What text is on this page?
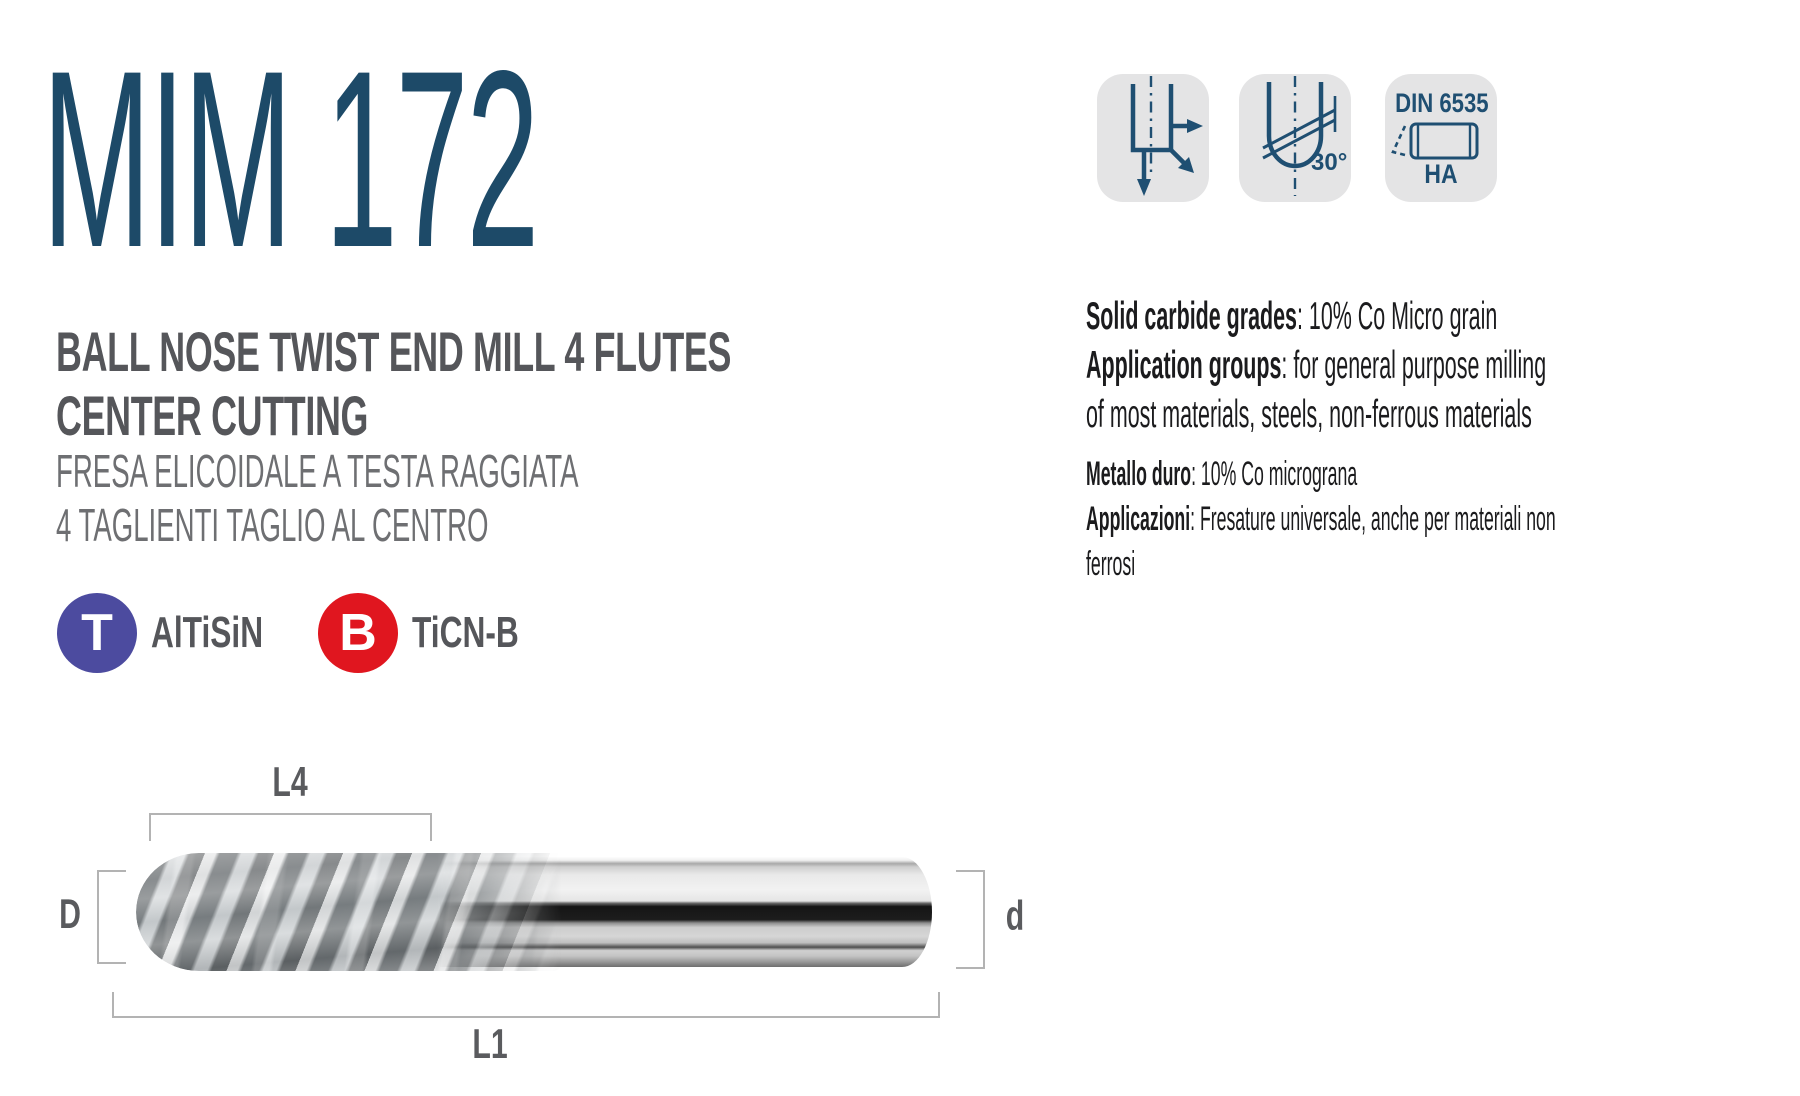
MIM 172
BALL NOSE TWIST END MILL 4 FLUTES
CENTER CUTTING
FRESA ELICOIDALE A TESTA RAGGIATA
4 TAGLIENTI TAGLIO AL CENTRO
T AlTiSiN	B TiCN-B
L4
D	d
L1
30°
DIN 6535
HA
Solid carbide grades: 10% Co Micro grain
Application groups: for general purpose milling
of most materials, steels, non-ferrous materials
Metallo duro: 10% Co micrograna
Applicazioni: Fresature universale, anche per materiali non
ferrosi
